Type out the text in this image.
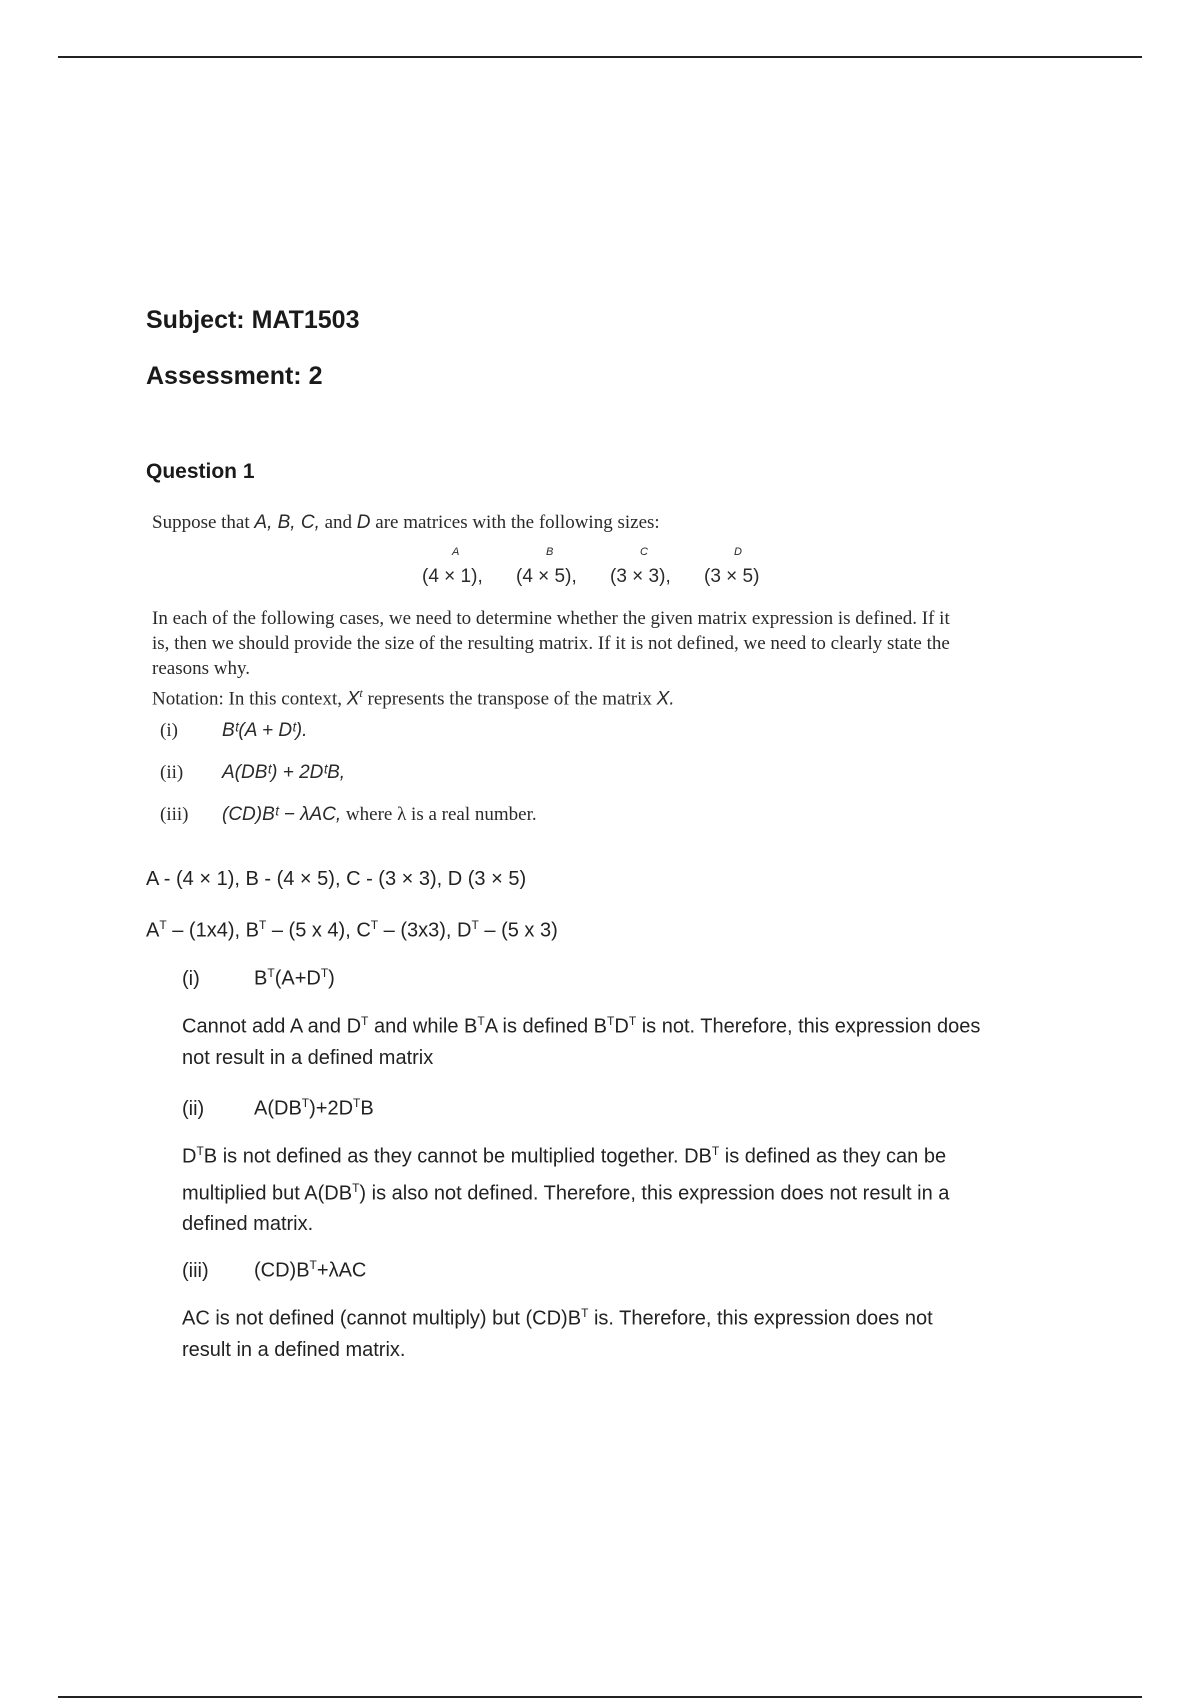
Subject: MAT1503
Assessment: 2
Question 1
Suppose that A, B, C, and D are matrices with the following sizes:
A
(4 × 1),
B
(4 × 5),
C
(3 × 3),
D
(3 × 5)
In each of the following cases, we need to determine whether the given matrix expression is defined. If it
is, then we should provide the size of the resulting matrix. If it is not defined, we need to clearly state the
reasons why.
Notation: In this context, $X^t$ represents the transpose of the matrix X.
(i) Bᵗ(A + Dᵗ).
(ii) A(DBᵗ) + 2DᵗB,
(iii) (CD)Bᵗ − λAC, where λ is a real number.
A - (4 × 1), B - (4 × 5), C - (3 × 3), D (3 × 5)
$A^T - (1x4)$, $B^T - (5$ x 4), $C^T - (3x3)$, $D^T - (5$ x 3)
(i)	$B^T(A+D^T)$
Cannot add A and $D^T$ and while $B^TA$ is defined $B^TD^T$ is not. Therefore, this expression does
not result in a defined matrix
(ii) $A(DB^T)+2D^TB$
$D^TB$ is not defined as they cannot be multiplied together. $DB^T$ is defined as they can be
multiplied but $A(DB^T)$ is also not defined. Therefore, this expression does not result in a
defined matrix.
(iii) $(CD)B^T+\lambda AC$
AC is not defined (cannot multiply) but $(CD)B^T$ is. Therefore, this expression does not
result in a defined matrix.
